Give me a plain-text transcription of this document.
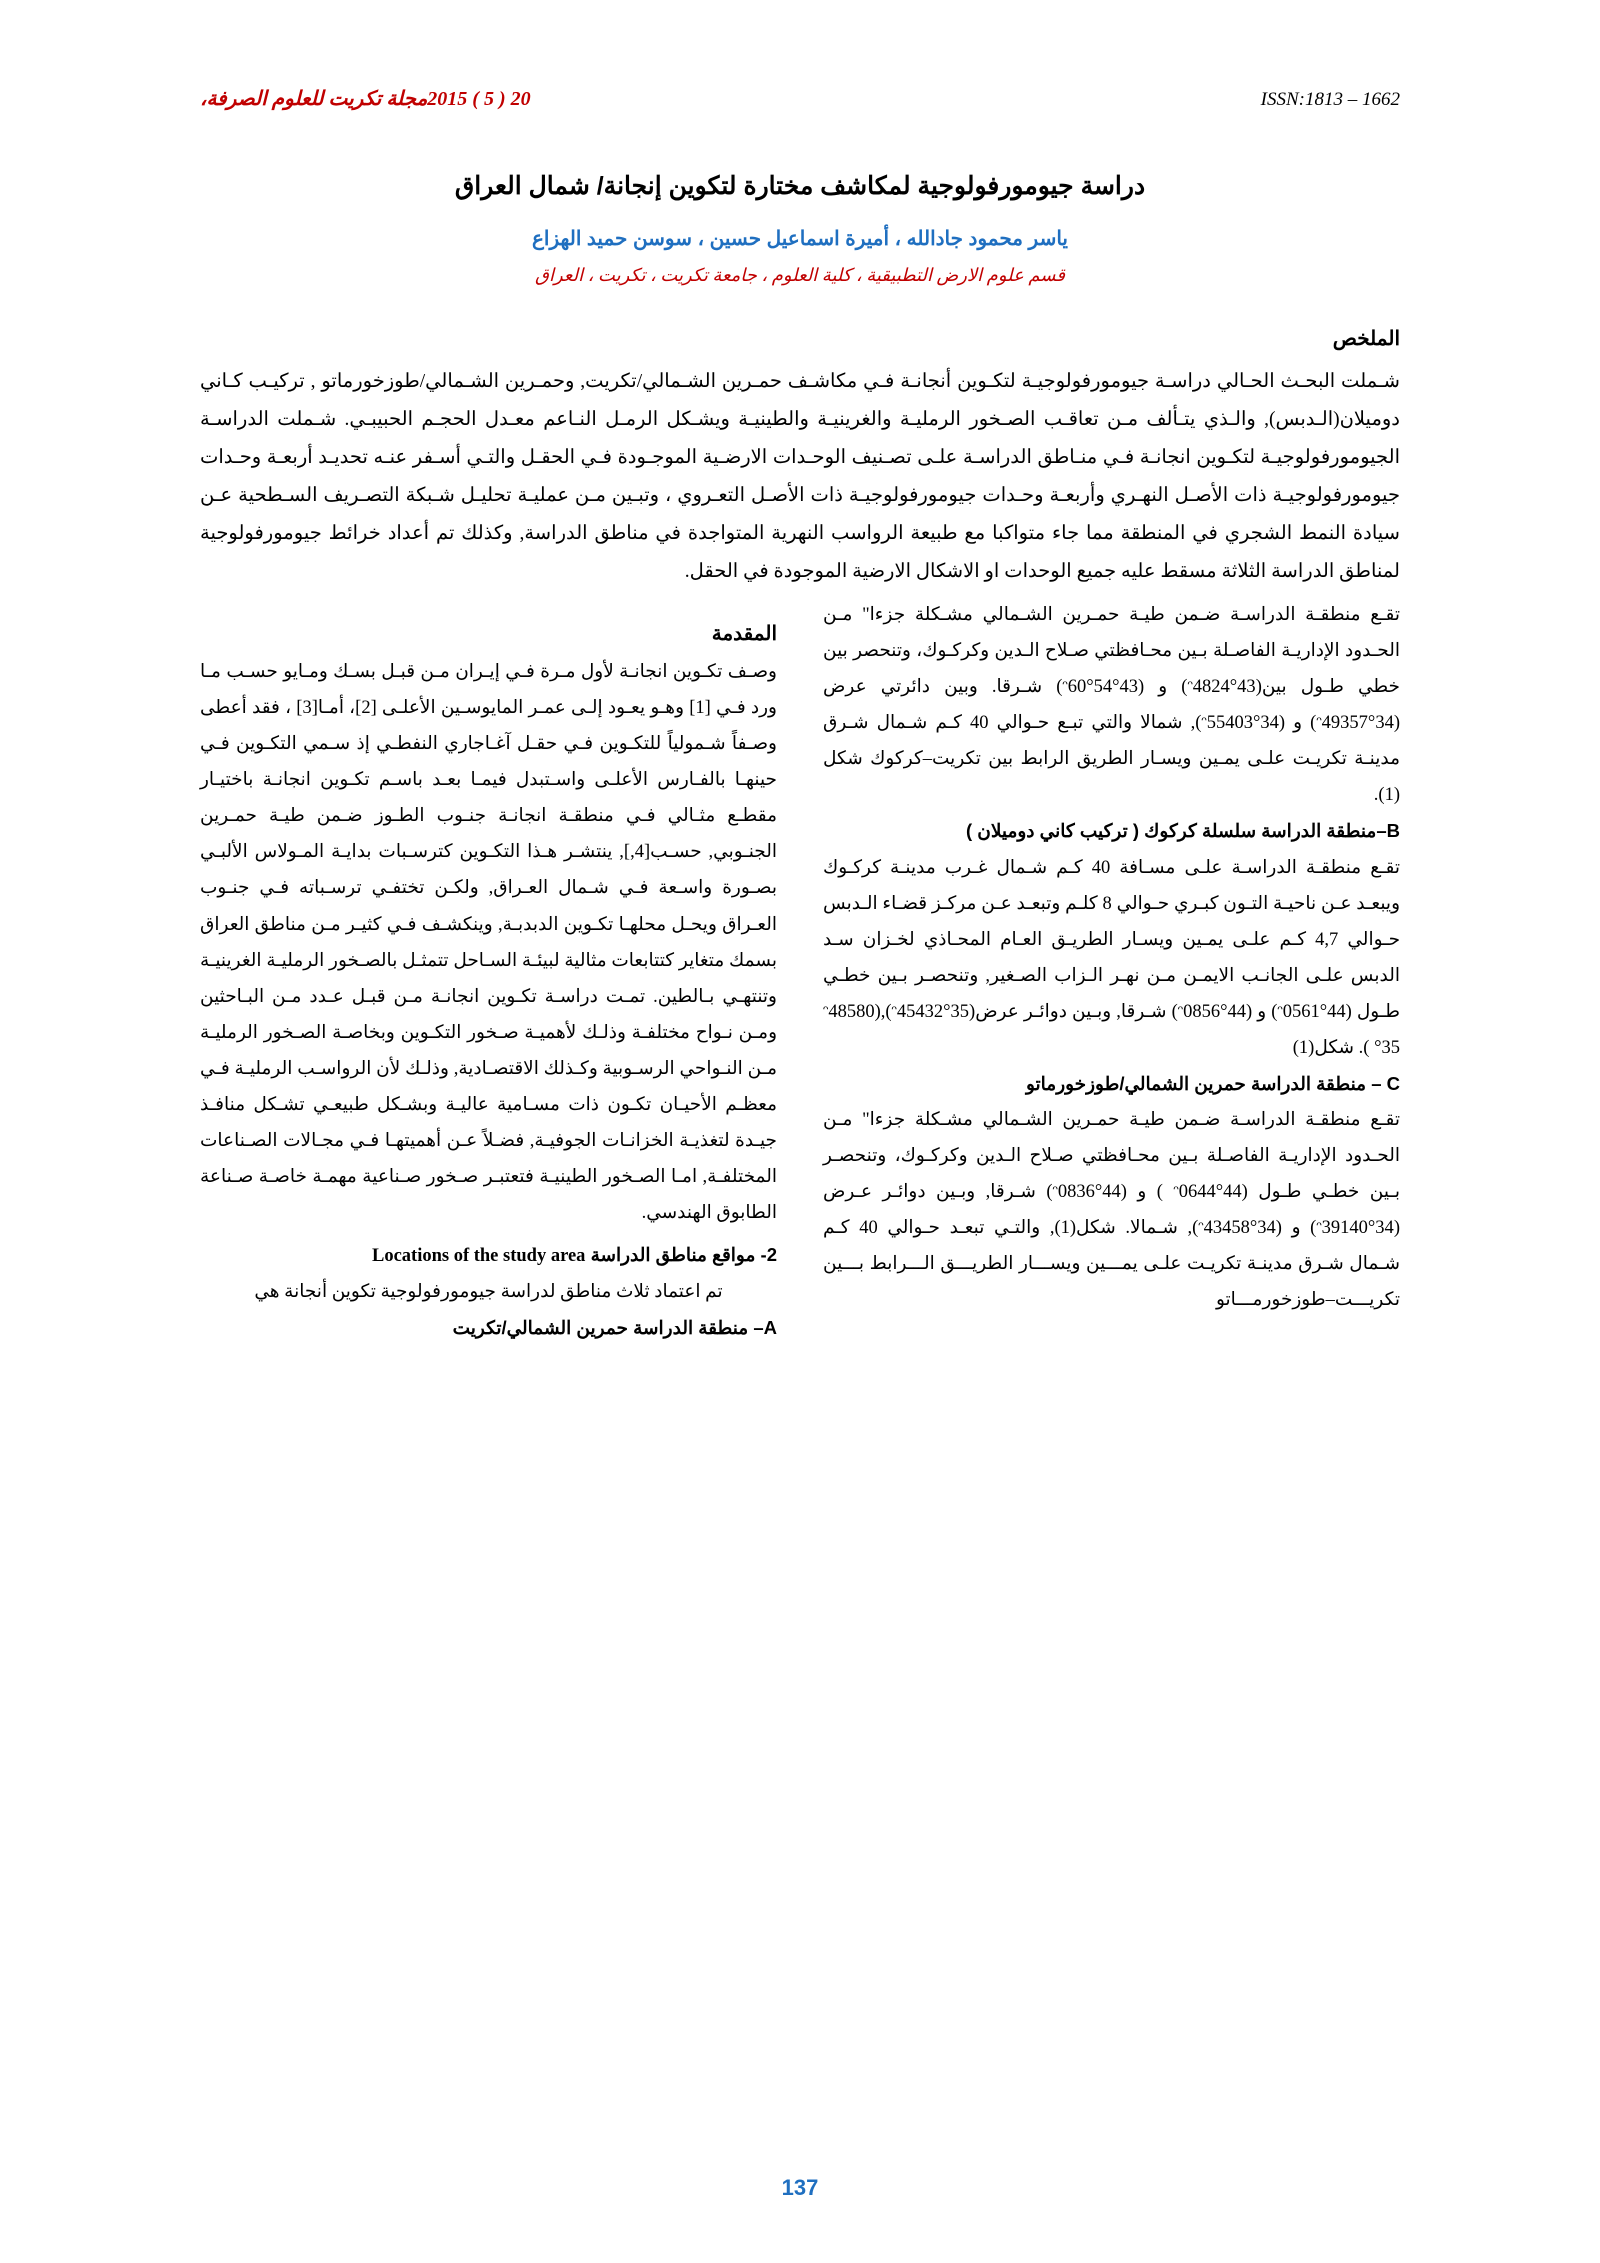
مجلة تكريت للعلوم الصرفة، 20 ( 5 ) 2015	ISSN:1813 – 1662
دراسة جيومورفولوجية لمكاشف مختارة لتكوين إنجانة/ شمال العراق
ياسر محمود جادالله ، أميرة اسماعيل حسين ، سوسن حميد الهزاع
قسم علوم الارض التطبيقية ، كلية العلوم ، جامعة تكريت ، تكريت ، العراق
الملخص
شـملت البحـث الحـالي دراسـة جيومورفولوجيـة لتكـوين أنجانـة فـي مكاشـف حمـرين الشـمالي/تكريت, وحمـرين الشـمالي/طوزخورماتو , تركيـب كـاني دوميلان(الـدبس), والـذي يتـألف مـن تعاقـب الصـخور الرمليـة والغرينيـة والطينيـة ويشـكل الرمـل النـاعم معـدل الحجـم الحبيبـي. شـملت الدراسـة الجيومورفولوجيـة لتكـوين انجانـة فـي منـاطق الدراسـة علـى تصـنيف الوحـدات الارضـية الموجـودة فـي الحقـل والتـي أسـفر عنـه تحديـد أربعـة وحـدات جيومورفولوجيـة ذات الأصـل النهـري وأربعـة وحـدات جيومورفولوجيـة ذات الأصـل التعـروي ، وتبـين مـن عمليـة تحليـل شـبكة التصـريف السـطحية عـن سيادة النمط الشجري في المنطقة مما جاء متواكبا مع طبيعة الرواسب النهرية المتواجدة في مناطق الدراسة, وكذلك تم أعداد خرائط جيومورفولوجية لمناطق الدراسة الثلاثة مسقط عليه جميع الوحدات او الاشكال الارضية الموجودة في الحقل.
المقدمة

وصـف تكـوين انجانـة لأول مـرة فـي إيـران مـن قبـل بسـك ومـايو حسـب مـا ورد فـي [1] وهـو يعـود إلـى عمـر المايوسـين الأعلـى [2]، أمـا[3] ، فقد أعطى وصـفاً شـمولياً للتكـوين فـي حقـل آغـاجاري النفطـي إذ سـمي التكـوين فـي حينهـا بالفـارس الأعلـى واسـتبدل فيمـا بعـد باسـم تكـوين انجانـة باختيـار مقطـع مثـالي فـي منطقـة انجانـة جنـوب الطـوز ضـمن طيـة حمـرين الجنـوبي, حسـب[4,], ينتشـر هـذا التكـوين كترسـبات بدايـة المـولاس الألبـي بصـورة واسـعة فـي شـمال العـراق, ولكـن تختفـي ترسـباته فـي جنـوب العـراق ويحـل محلهـا تكـوين الدبدبـة, وينكشـف فـي كثيـر مـن مناطق العراق بسمك متغاير كتتابعات مثالية لبيئـة السـاحل تتمثـل بالصـخور الرمليـة الغرينيـة وتنتهـي بـالطين. تمـت دراسـة تكـوين انجانـة مـن قبـل عـدد مـن البـاحثين ومـن نـواح مختلفـة وذلـك لأهميـة صـخور التكـوين وبخاصـة الصـخور الرمليـة مـن النـواحي الرسـوبية وكـذلك الاقتصـادية, وذلـك لأن الرواسـب الرمليـة فـي معظـم الأحيـان تكـون ذات مسـامية عاليـة وبشـكل طبيعـي تشـكل منافـذ جيـدة لتغذيـة الخزانـات الجوفيـة, فضـلاً عـن أهميتهـا فـي مجـالات الصـناعات المختلفـة, امـا الصـخور الطينيـة فتعتبـر صـخور صـناعية مهمـة خاصـة صـناعة الطابوق الهندسي.

2- مواقع مناطق الدراسة Locations of the study area

تم اعتماد ثلاث مناطق لدراسة جيومورفولوجية تكوين أنجانة هي

A– منطقة الدراسة حمرين الشمالي/تكريت

تقـع منطقـة الدراسـة ضـمن طيـة حمـرين الشـمالي مشـكلة جزءا" مـن الحـدود الإداريـة الفاصـلة بـين محـافظتي صـلاح الـدين وكركـوك، وتنحصر بين خطي طـول بين(ᵔ4824°43) و (ᵔ60°54°43) شـرقا. وبين دائرتي عرض (ᵔ49357°34) و (ᵔ55403°34), شمالا والتي تبـع حـوالي 40 كـم شـمال شـرق مدينـة تكريـت علـى يمـين ويسـار الطريق الرابط بين تكريت–كركوك شكل (1).

B–منطقة الدراسة سلسلة كركوك ( تركيب كاني دوميلان )

تقـع منطقـة الدراسـة علـى مسـافة 40 كـم شـمال غـرب مدينـة كركـوك ويبعـد عـن ناحيـة التـون كبـري حـوالي 8 كلـم وتبعـد عـن مركـز قضـاء الـدبس حـوالي 4,7 كـم علـى يمـين ويسـار الطريـق العـام المحـاذي لخـزان سـد الدبس علـى الجانـب الايمـن مـن نهـر الـزاب الصـغير, وتنحصـر بـين خطـي طـول (ᵔ0561°44) و (ᵔ0856°44) شـرقا, وبـين دوائـر عرض(ᵔ45432°35),(ᵔ48580 °35 ). شكل(1)

C – منطقة الدراسة حمرين الشمالي/طوزخورماتو

تقـع منطقـة الدراسـة ضـمن طيـة حمـرين الشـمالي مشـكلة جزءا" مـن الحـدود الإداريـة الفاصـلة بـين محـافظتي صـلاح الـدين وكركـوك، وتنحصـر بـين خطـي طـول (ᵔ0644°44 ) و (ᵔ0836°44) شـرقا, وبـين دوائـر عـرض (ᵔ39140°34) و (ᵔ43458°34), شـمالا. شكل(1), والتـي تبعـد حـوالي 40 كـم شـمال شـرق مدينـة تكريـت علـى يمـــين ويســـار الطريـــق الـــرابط بـــين تكريـــت–طوزخورمـــاتو

137
